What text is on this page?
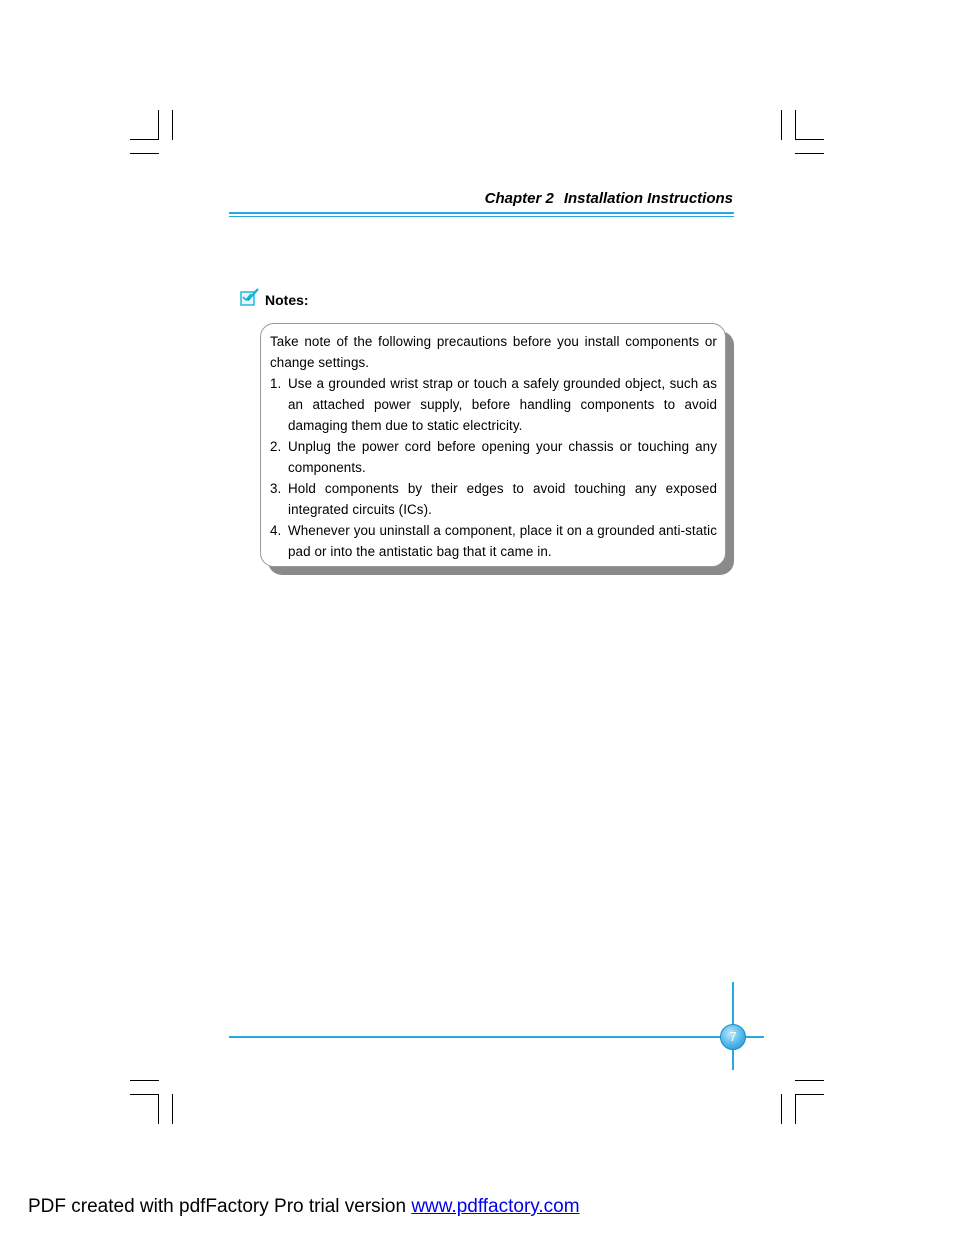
Chapter 2 Installation Instructions
Notes:

Take note of the following precautions before you install components or change settings.

1. Use a grounded wrist strap or touch a safely grounded object, such as an attached power supply, before handling components to avoid damaging them due to static electricity.
2. Unplug the power cord before opening your chassis or touching any components.
3. Hold components by their edges to avoid touching any exposed integrated circuits (ICs).
4. Whenever you uninstall a component, place it on a grounded anti-static pad or into the antistatic bag that it came in.
7
PDF created with pdfFactory Pro trial version www.pdffactory.com
